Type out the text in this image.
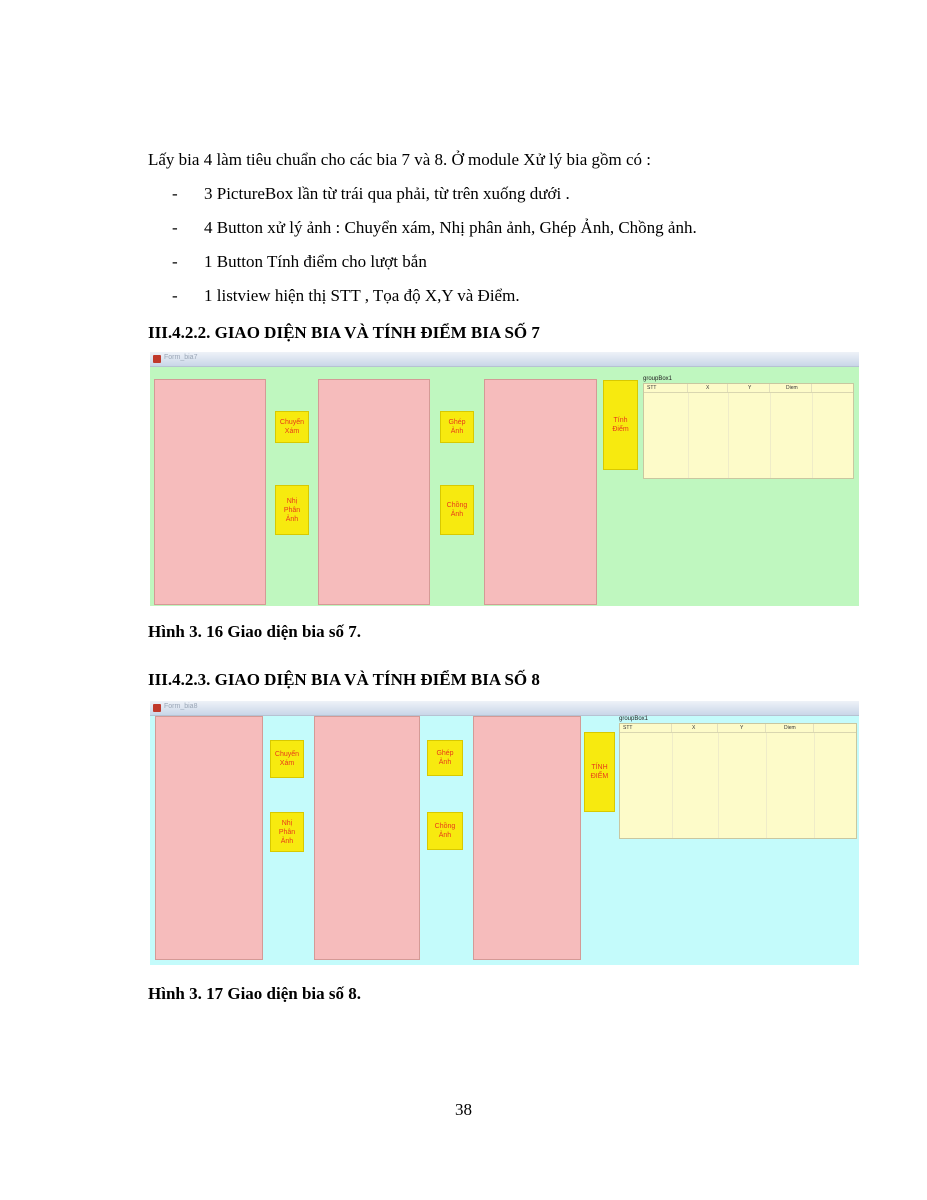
Lấy bia 4 làm tiêu chuẩn cho các bia 7 và 8. Ở module Xử lý bia gồm có :

-	3 PictureBox lần từ trái qua phải, từ trên xuống dưới .
-	4 Button xử lý ảnh : Chuyển xám, Nhị phân ảnh, Ghép Ảnh, Chồng ảnh.
-	1 Button Tính điểm cho lượt bắn
-	1 listview hiện thị STT , Tọa độ X,Y và Điểm.

III.4.2.2. GIAO DIỆN BIA VÀ TÍNH ĐIỂM BIA SỐ 7

Form_bia7
Chuyển
Xám
Nhị
Phân
Ảnh
Ghép
Ảnh
Chồng
Ảnh
Tính
Điểm
groupBox1
STT	X	Y	Diem

Hình 3. 16 Giao diện bia số 7.

III.4.2.3. GIAO DIỆN BIA VÀ TÍNH ĐIỂM BIA SỐ 8

Form_bia8
Chuyển
Xám
Nhị
Phân
Ảnh
Ghép
Ảnh
Chồng
Ảnh
TÍNH
ĐIỂM
groupBox1
STT	X	Y	Diem

Hình 3. 17 Giao diện bia số 8.

38
